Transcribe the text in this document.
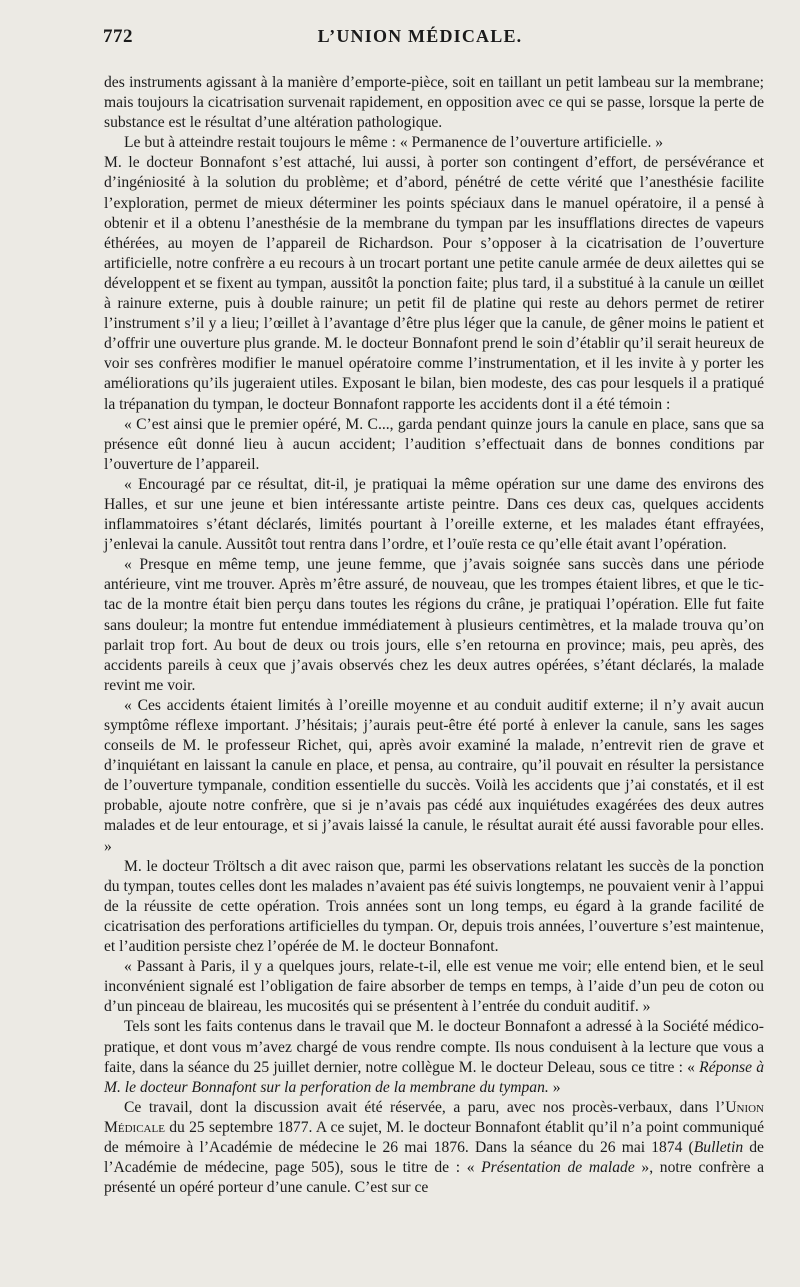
772	L’UNION MÉDICALE.

des instruments agissant à la manière d’emporte-pièce, soit en taillant un petit lambeau sur la membrane; mais toujours la cicatrisation survenait rapidement, en opposition avec ce qui se passe, lorsque la perte de substance est le résultat d’une altération pathologique.

Le but à atteindre restait toujours le même : « Permanence de l’ouverture artificielle. »

M. le docteur Bonnafont s’est attaché, lui aussi, à porter son contingent d’effort, de persévérance et d’ingéniosité à la solution du problème; et d’abord, pénétré de cette vérité que l’anesthésie facilite l’exploration, permet de mieux déterminer les points spéciaux dans le manuel opératoire, il a pensé à obtenir et il a obtenu l’anesthésie de la membrane du tympan par les insufflations directes de vapeurs éthérées, au moyen de l’appareil de Richardson. Pour s’opposer à la cicatrisation de l’ouverture artificielle, notre confrère a eu recours à un trocart portant une petite canule armée de deux ailettes qui se développent et se fixent au tympan, aussitôt la ponction faite; plus tard, il a substitué à la canule un œillet à rainure externe, puis à double rainure; un petit fil de platine qui reste au dehors permet de retirer l’instrument s’il y a lieu; l’œillet à l’avantage d’être plus léger que la canule, de gêner moins le patient et d’offrir une ouverture plus grande. M. le docteur Bonnafont prend le soin d’établir qu’il serait heureux de voir ses confrères modifier le manuel opératoire comme l’instrumentation, et il les invite à y porter les améliorations qu’ils jugeraient utiles. Exposant le bilan, bien modeste, des cas pour lesquels il a pratiqué la trépanation du tympan, le docteur Bonnafont rapporte les accidents dont il a été témoin :

« C’est ainsi que le premier opéré, M. C..., garda pendant quinze jours la canule en place, sans que sa présence eût donné lieu à aucun accident; l’audition s’effectuait dans de bonnes conditions par l’ouverture de l’appareil.

« Encouragé par ce résultat, dit-il, je pratiquai la même opération sur une dame des environs des Halles, et sur une jeune et bien intéressante artiste peintre. Dans ces deux cas, quelques accidents inflammatoires s’étant déclarés, limités pourtant à l’oreille externe, et les malades étant effrayées, j’enlevai la canule. Aussitôt tout rentra dans l’ordre, et l’ouïe resta ce qu’elle était avant l’opération.

« Presque en même temp, une jeune femme, que j’avais soignée sans succès dans une période antérieure, vint me trouver. Après m’être assuré, de nouveau, que les trompes étaient libres, et que le tic-tac de la montre était bien perçu dans toutes les régions du crâne, je pratiquai l’opération. Elle fut faite sans douleur; la montre fut entendue immédiatement à plusieurs centimètres, et la malade trouva qu’on parlait trop fort. Au bout de deux ou trois jours, elle s’en retourna en province; mais, peu après, des accidents pareils à ceux que j’avais observés chez les deux autres opérées, s’étant déclarés, la malade revint me voir.

« Ces accidents étaient limités à l’oreille moyenne et au conduit auditif externe; il n’y avait aucun symptôme réflexe important. J’hésitais; j’aurais peut-être été porté à enlever la canule, sans les sages conseils de M. le professeur Richet, qui, après avoir examiné la malade, n’entrevit rien de grave et d’inquiétant en laissant la canule en place, et pensa, au contraire, qu’il pouvait en résulter la persistance de l’ouverture tympanale, condition essentielle du succès. Voilà les accidents que j’ai constatés, et il est probable, ajoute notre confrère, que si je n’avais pas cédé aux inquiétudes exagérées des deux autres malades et de leur entourage, et si j’avais laissé la canule, le résultat aurait été aussi favorable pour elles. »

M. le docteur Tröltsch a dit avec raison que, parmi les observations relatant les succès de la ponction du tympan, toutes celles dont les malades n’avaient pas été suivis longtemps, ne pouvaient venir à l’appui de la réussite de cette opération. Trois années sont un long temps, eu égard à la grande facilité de cicatrisation des perforations artificielles du tympan. Or, depuis trois années, l’ouverture s’est maintenue, et l’audition persiste chez l’opérée de M. le docteur Bonnafont.

« Passant à Paris, il y a quelques jours, relate-t-il, elle est venue me voir; elle entend bien, et le seul inconvénient signalé est l’obligation de faire absorber de temps en temps, à l’aide d’un peu de coton ou d’un pinceau de blaireau, les mucosités qui se présentent à l’entrée du conduit auditif. »

Tels sont les faits contenus dans le travail que M. le docteur Bonnafont a adressé à la Société médico-pratique, et dont vous m’avez chargé de vous rendre compte. Ils nous conduisent à la lecture que vous a faite, dans la séance du 25 juillet dernier, notre collègue M. le docteur Deleau, sous ce titre : « Réponse à M. le docteur Bonnafont sur la perforation de la membrane du tympan. »

Ce travail, dont la discussion avait été réservée, a paru, avec nos procès-verbaux, dans l’Union Médicale du 25 septembre 1877. A ce sujet, M. le docteur Bonnafont établit qu’il n’a point communiqué de mémoire à l’Académie de médecine le 26 mai 1876. Dans la séance du 26 mai 1874 (Bulletin de l’Académie de médecine, page 505), sous le titre de : « Présentation de malade », notre confrère a présenté un opéré porteur d’une canule. C’est sur ce
